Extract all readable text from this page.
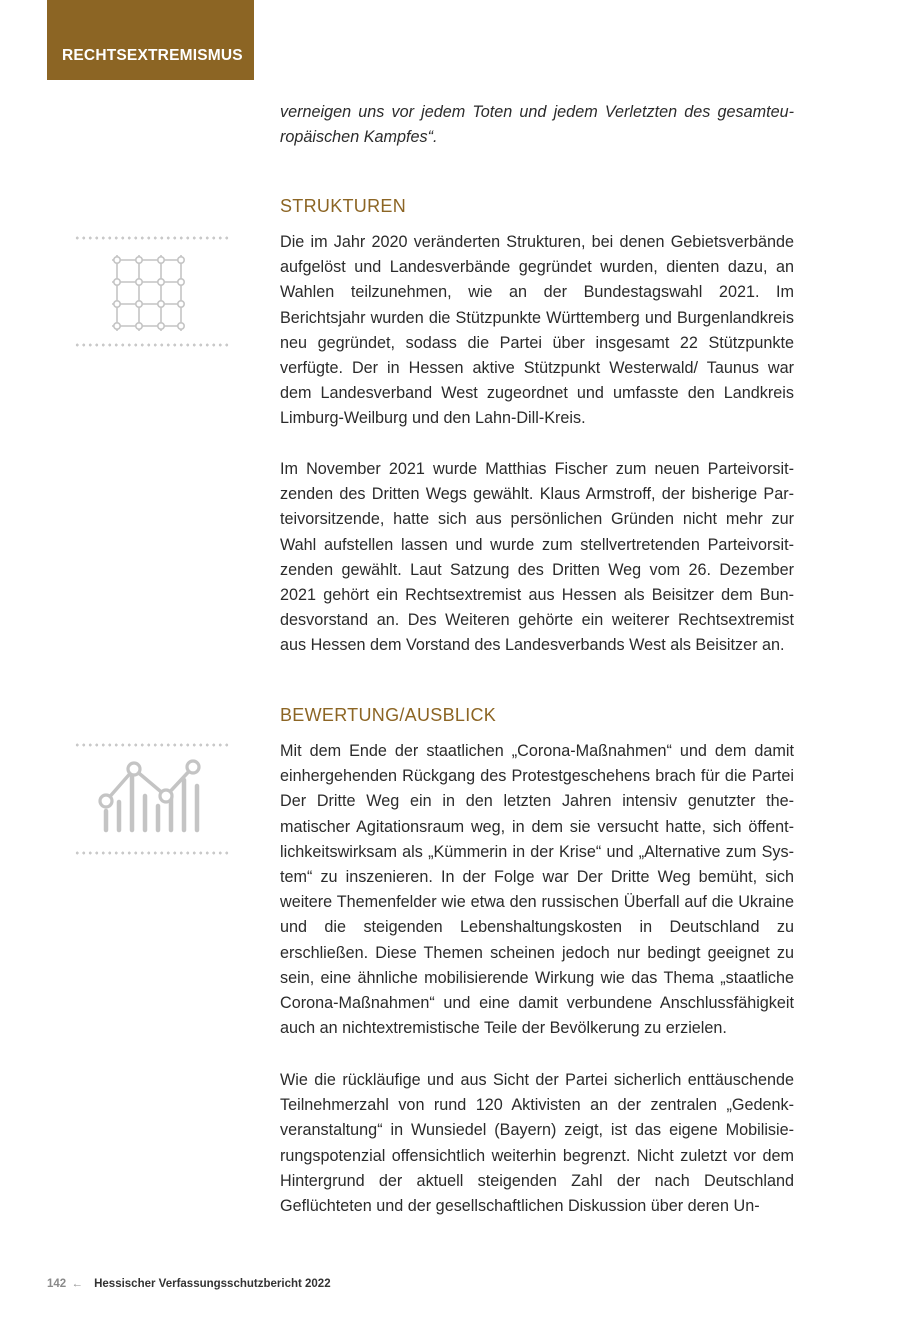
RECHTSEXTREMISMUS

verneigen uns vor jedem Toten und jedem Verletzten des gesamteuropäischen Kampfes“.

STRUKTUREN

Die im Jahr 2020 veränderten Strukturen, bei denen Gebietsverbände aufgelöst und Landesverbände gegründet wurden, dienten dazu, an Wahlen teilzunehmen, wie an der Bundestagswahl 2021. Im Berichtsjahr wurden die Stützpunkte Württemberg und Burgenlandkreis neu gegründet, sodass die Partei über insgesamt 22 Stützpunkte verfügte. Der in Hessen aktive Stützpunkt Westerwald/ Taunus war dem Landesverband West zugeordnet und umfasste den Landkreis Limburg-Weilburg und den Lahn-Dill-Kreis.

Im November 2021 wurde Matthias Fischer zum neuen Parteivorsitzenden des Dritten Wegs gewählt. Klaus Armstroff, der bisherige Parteivorsitzende, hatte sich aus persönlichen Gründen nicht mehr zur Wahl aufstellen lassen und wurde zum stellvertretenden Parteivorsitzenden gewählt. Laut Satzung des Dritten Weg vom 26. Dezember 2021 gehört ein Rechtsextremist aus Hessen als Beisitzer dem Bundesvorstand an. Des Weiteren gehörte ein weiterer Rechtsextremist aus Hessen dem Vorstand des Landesverbands West als Beisitzer an.

BEWERTUNG/AUSBLICK

Mit dem Ende der staatlichen „Corona-Maßnahmen“ und dem damit einhergehenden Rückgang des Protestgeschehens brach für die Partei Der Dritte Weg ein in den letzten Jahren intensiv genutzter thematischer Agitationsraum weg, in dem sie versucht hatte, sich öffentlichkeitswirksam als „Kümmerin in der Krise“ und „Alternative zum System“ zu inszenieren. In der Folge war Der Dritte Weg bemüht, sich weitere Themenfelder wie etwa den russischen Überfall auf die Ukraine und die steigenden Lebenshaltungskosten in Deutschland zu erschließen. Diese Themen scheinen jedoch nur bedingt geeignet zu sein, eine ähnliche mobilisierende Wirkung wie das Thema „staatliche Corona-Maßnahmen“ und eine damit verbundene Anschlussfähigkeit auch an nichtextremistische Teile der Bevölkerung zu erzielen.

Wie die rückläufige und aus Sicht der Partei sicherlich enttäuschende Teilnehmerzahl von rund 120 Aktivisten an der zentralen „Gedenkveranstaltung“ in Wunsiedel (Bayern) zeigt, ist das eigene Mobilisierungspotenzial offensichtlich weiterhin begrenzt. Nicht zuletzt vor dem Hintergrund der aktuell steigenden Zahl der nach Deutschland Geflüchteten und der gesellschaftlichen Diskussion über deren Un-

142 ← Hessischer Verfassungsschutzbericht 2022
